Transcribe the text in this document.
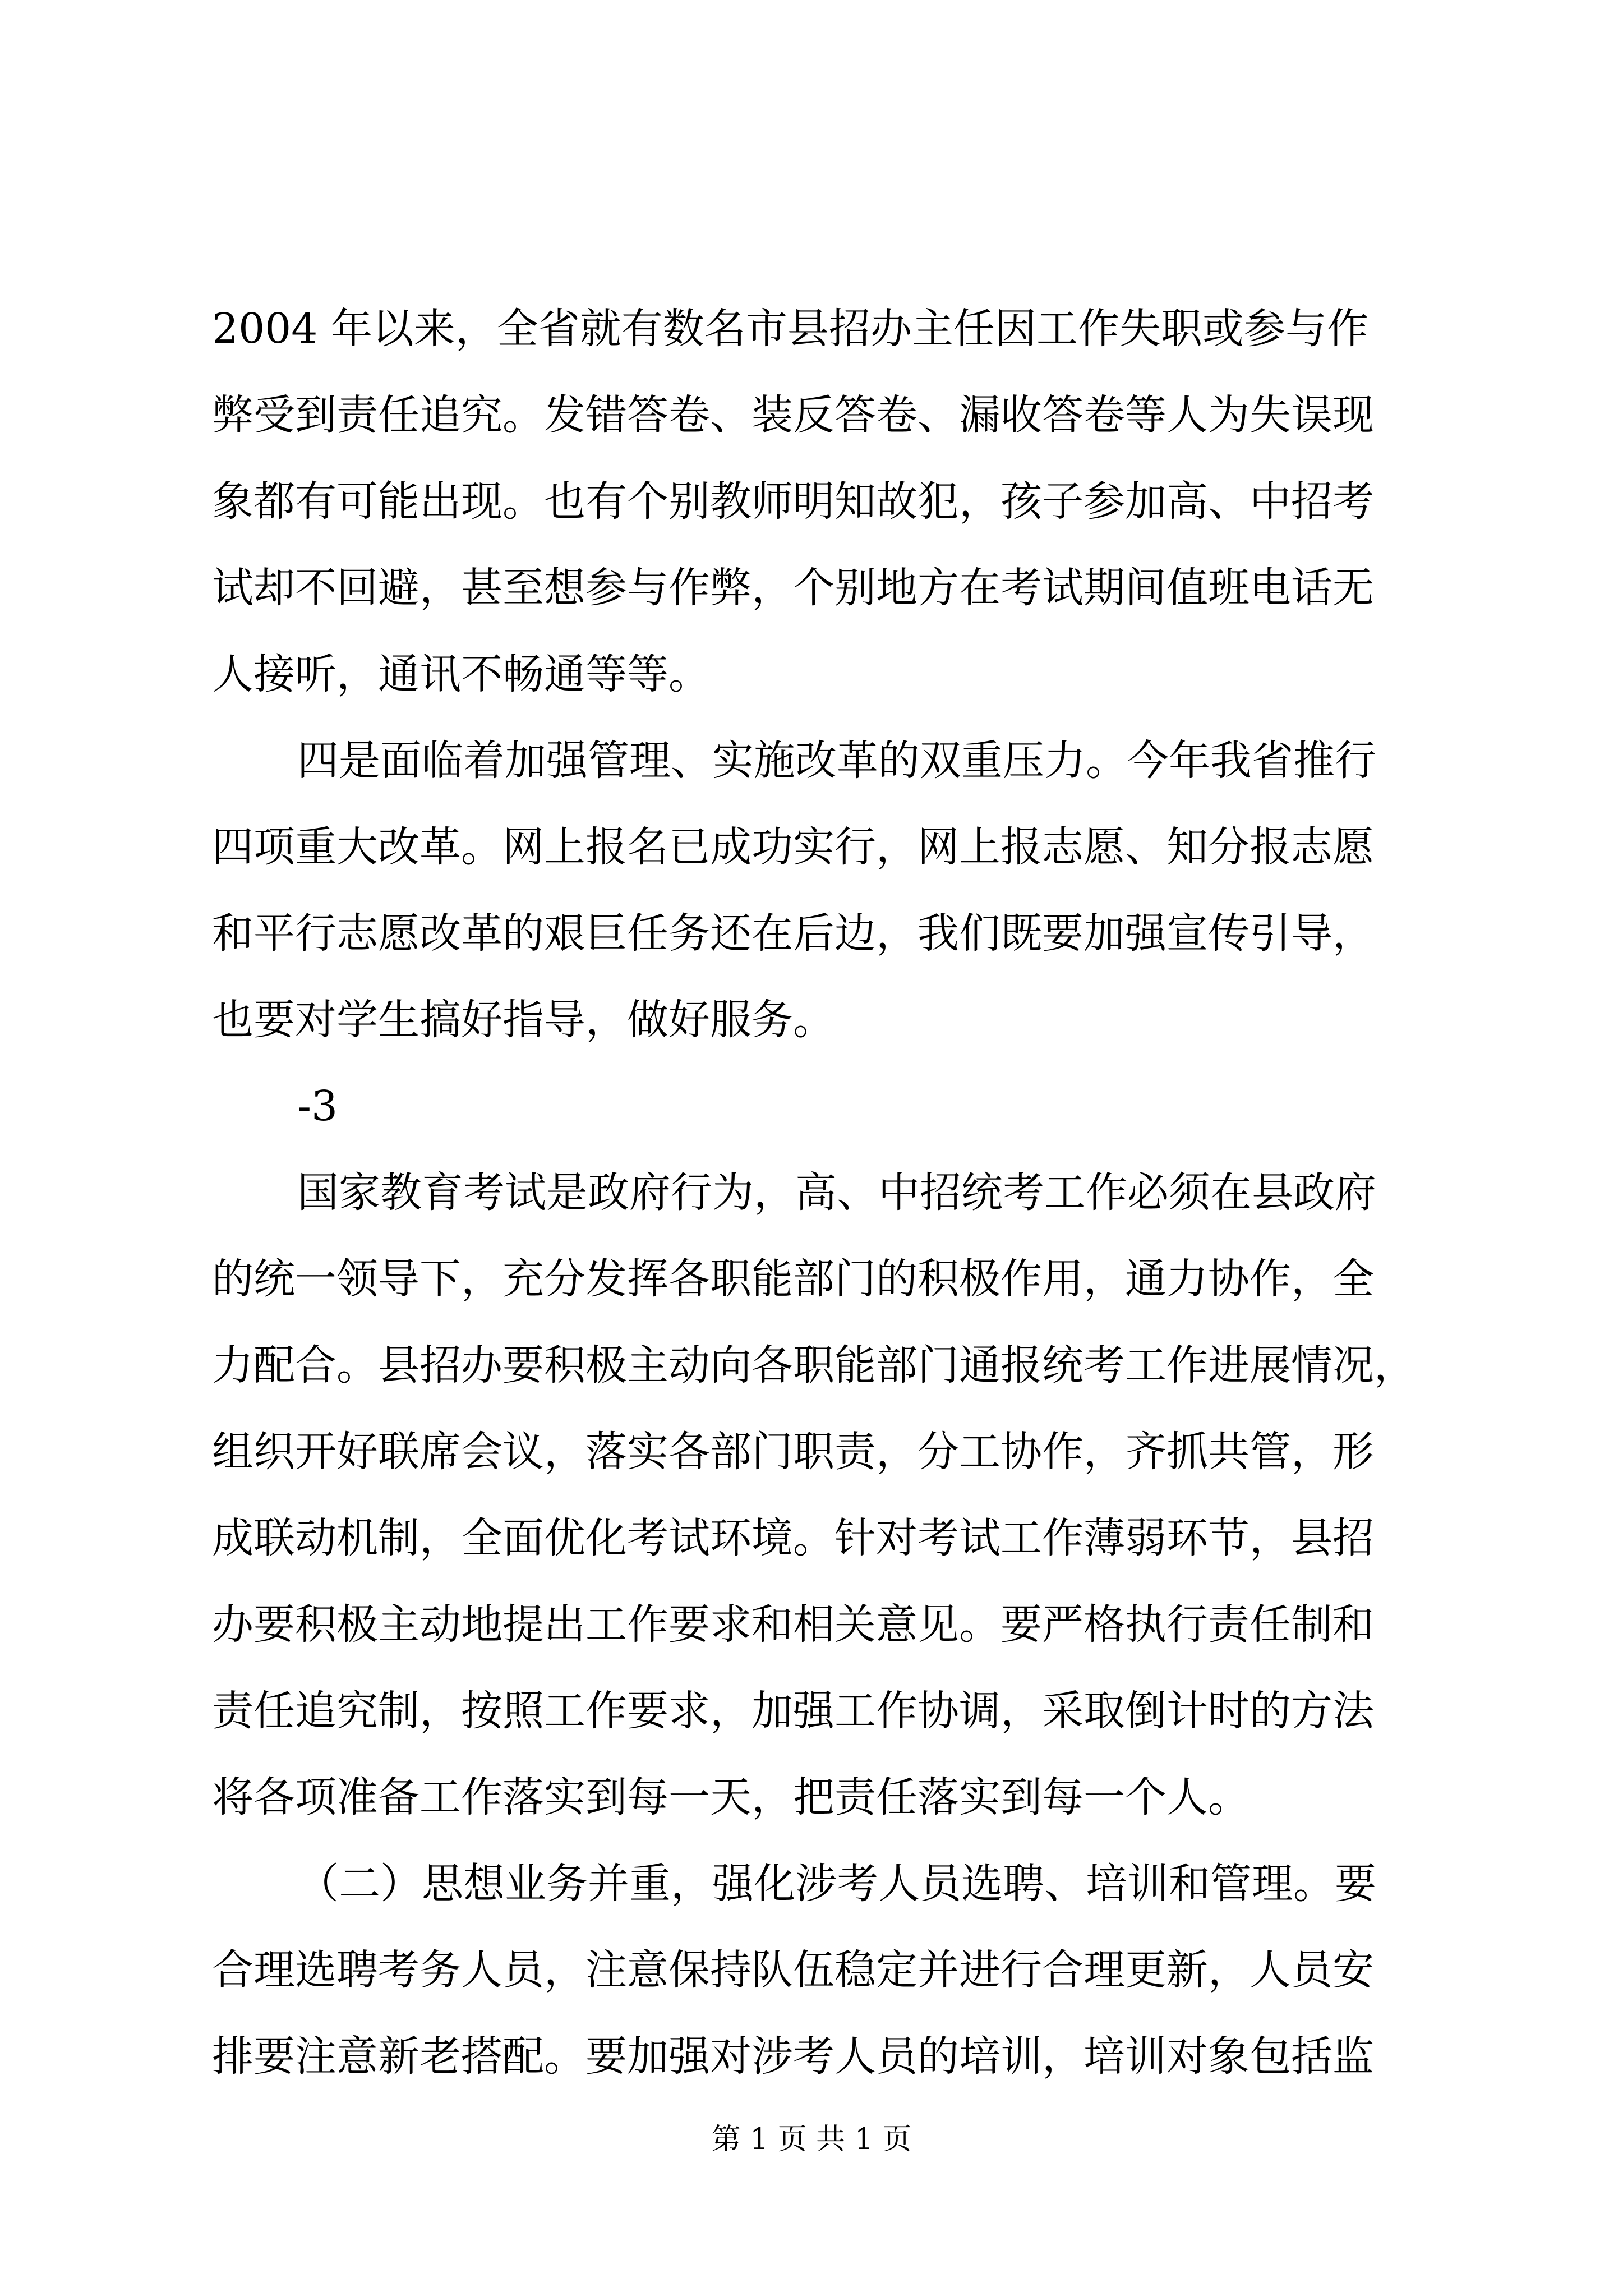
2004 年以来，全省就有数名市县招办主任因工作失职或参与作
弊受到责任追究。发错答卷、装反答卷、漏收答卷等人为失误现
象都有可能出现。也有个别教师明知故犯，孩子参加高、中招考
试却不回避，甚至想参与作弊，个别地方在考试期间值班电话无
人接听，通讯不畅通等等。
四是面临着加强管理、实施改革的双重压力。今年我省推行
四项重大改革。网上报名已成功实行，网上报志愿、知分报志愿
和平行志愿改革的艰巨任务还在后边，我们既要加强宣传引导，
也要对学生搞好指导，做好服务。
-3
国家教育考试是政府行为，高、中招统考工作必须在县政府
的统一领导下，充分发挥各职能部门的积极作用，通力协作，全
力配合。县招办要积极主动向各职能部门通报统考工作进展情况，
组织开好联席会议，落实各部门职责，分工协作，齐抓共管，形
成联动机制，全面优化考试环境。针对考试工作薄弱环节，县招
办要积极主动地提出工作要求和相关意见。要严格执行责任制和
责任追究制，按照工作要求，加强工作协调，采取倒计时的方法
将各项准备工作落实到每一天，把责任落实到每一个人。
（二）思想业务并重，强化涉考人员选聘、培训和管理。要
合理选聘考务人员，注意保持队伍稳定并进行合理更新，人员安
排要注意新老搭配。要加强对涉考人员的培训，培训对象包括监
第 1 页 共 1 页
